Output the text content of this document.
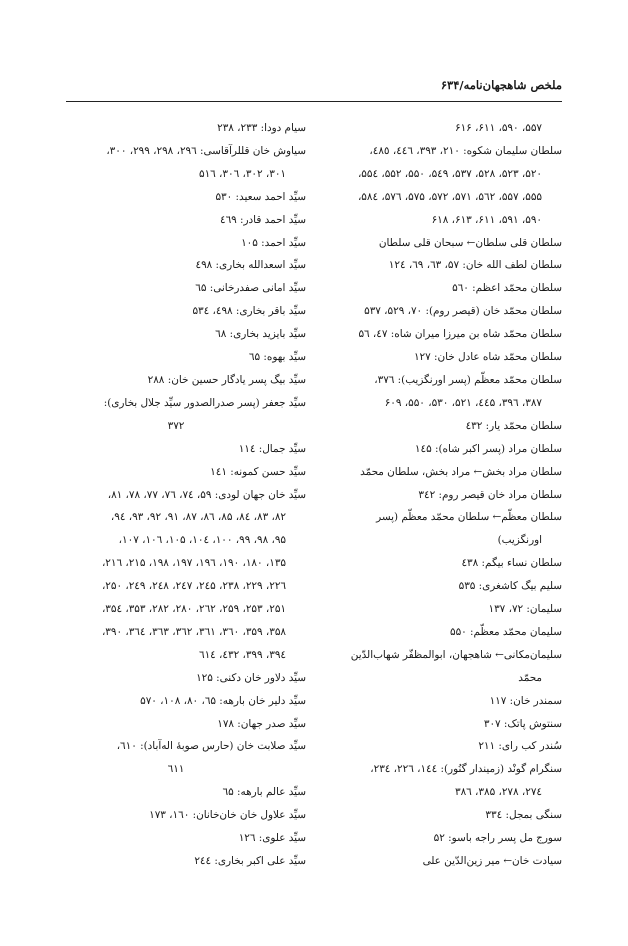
ملخص شاهجهان‌نامه/۶۳۴

۵۵۷، ۵۹۰، ۶۱۱، ۶۱۶

سلطان سلیمان شکوه: ۲۱۰، ۳۹۳، ٤٤٦، ٤٨٥،

۵۲۰، ۵۲۳، ۵۲۸، ۵۳۷، ۵٤۹، ۵۵۰، ۵۵۲، ۵۵٤،

۵۵۵، ۵۵۷، ۵٦۲، ۵۷۱، ۵۷۲، ۵۷۵، ۵۷٦، ۵۸٤،

۵۹۰، ۵۹۱، ۶۱۱، ۶۱۳، ۶۱۸

سلطان قلی سلطان← سبحان قلی سلطان

سلطان لطف الله خان: ۵۷، ٦۳، ٦۹، ۱۲٤

سلطان محمّد اعظم: ۵٦۰

سلطان محمّد خان (قیصر روم): ۷۰، ۵۲۹، ۵۳۷

سلطان محمّد شاه بن میرزا میران شاه: ٤۷، ۵٦

سلطان محمّد شاه عادل خان: ۱۲۷

سلطان محمّد معظّم (پسر اورنگزیب): ۳۷٦،

۳۸۷، ۳۹٦، ٤٤۵، ۵۲۱، ۵۳۰، ۵۵۰، ۶۰۹

سلطان محمّد یار: ٤۳۲

سلطان مراد (پسر اکبر شاه): ۱٤۵

سلطان مراد بخش← مراد بخش، سلطان محمّد

سلطان مراد خان قیصر روم: ۳٤۲

سلطان معظّم← سلطان محمّد معظّم (پسر

اورنگزیب)

سلطان نساء بیگم: ٤۳۸

سلیم بیگ کاشغری: ۵۳۵

سلیمان: ۷۲، ۱۳۷

سلیمان محمّد معظّم: ۵۵۰

سلیمان‌مکانی← شاهجهان، ابوالمظفّر شهاب‌الدّین

محمّد

سمندر خان: ۱۱۷

سنتوش پاتک: ۳۰۷

سُندر کب رای: ۲۱۱

سنگرام گونْد (زمیندار گنُور): ۱٤٤، ۲۲٦، ۲۳٤،

۲۷٤، ۲۷۸، ۳۸۵، ۳۸٦

سنگی بمجل: ۳۳٤

سورج مل پسر راجه باسو: ۵۲

سیادت خان← میر زین‌الدّین علی

سیام دودا: ۲۳۳، ۲۳۸

سیاوش خان قللرآقاسی: ۲۹٦، ۲۹۸، ۲۹۹، ۳۰۰،

۳۰۱، ۳۰۲، ۳۰٦، ۵۱٦

سیِّد احمد سعید: ۵۳۰

سیِّد احمد قادر: ٤٦۹

سیِّد احمد: ۱۰۵

سیِّد اسعدالله بخاری: ٤۹۸

سیِّد امانی صفدرخانی: ٦۵

سیِّد باقر بخاری: ٤۹۸، ۵۳٤

سیِّد بایزید بخاری: ٦۸

سیِّد بهوه: ٦۵

سیِّد بیگ پسر یادگار حسین خان: ۲۸۸

سیِّد جعفر (پسر صدرالصدور سیِّد جلال بخاری):

۳۷۲

سیِّد جمال: ۱۱٤

سیِّد حسن کمونه: ۱٤۱

سیِّد خان جهان لودی: ۵۹، ۷٤، ۷٦، ۷۷، ۷۸، ۸۱،

۸۲، ۸۳، ۸٤، ۸۵، ۸٦، ۸۷، ۹۱، ۹۲، ۹۳، ۹٤،

۹۵، ۹۸، ۹۹، ۱۰۰، ۱۰٤، ۱۰۵، ۱۰٦، ۱۰۷،

۱۳۵، ۱۸۰، ۱۹۰، ۱۹٦، ۱۹۷، ۱۹۸، ۲۱۵، ۲۱٦،

۲۲٦، ۲۲۹، ۲۳۸، ۲٤۵، ۲٤۷، ۲٤۸، ۲٤۹، ۲۵۰،

۲۵۱، ۲۵۳، ۲۵۹، ۲٦۲، ۲۸۰، ۲۸۲، ۳۵۳، ۳۵٤،

۳۵۸، ۳۵۹، ۳٦۰، ۳٦۱، ۳٦۲، ۳٦۳، ۳٦٤، ۳۹۰،

۳۹٤، ۳۹۹، ٤۳۲، ٦۱٤

سیِّد دلاور خان دکنی: ۱۲۵

سیِّد دلیر خان بارهه: ٦۵، ۸۰، ۱۰۸، ۵۷۰

سیِّد صدر جهان: ۱۷۸

سیِّد صلابت خان (حارس صوبهٔ اله‌آباد): ٦۱۰،

٦۱۱

سیِّد عالم بارهه: ٦۵

سیِّد علاول خان خان‌خانان: ۱٦۰، ۱۷۳

سیِّد علوی: ۱۲٦

سیِّد علی اکبر بخاری: ۲٤٤
